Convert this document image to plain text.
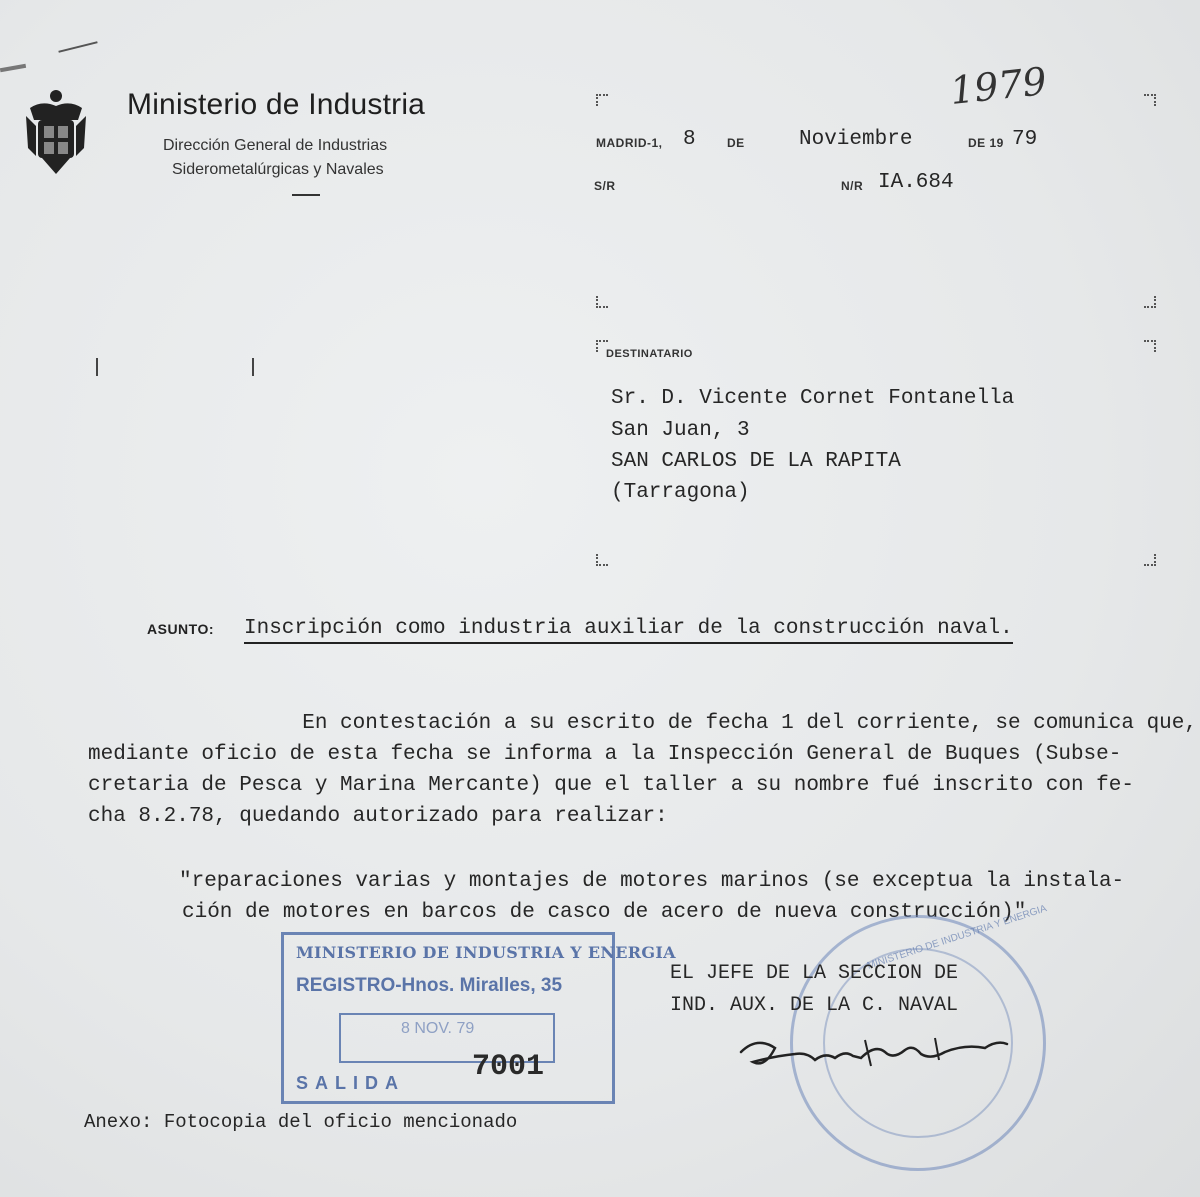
Ministerio de Industria
Dirección General de Industrias
Siderometalúrgicas y Navales
1979
MADRID-1, 8	DE	Noviembre	DE 19 79
S/R	N/R IA.684
DESTINATARIO
Sr. D. Vicente Cornet Fontanella
San Juan, 3
SAN CARLOS DE LA RAPITA
(Tarragona)
ASUNTO: Inscripción como industria auxiliar de la construcción naval.
En contestación a su escrito de fecha 1 del corriente, se comunica que,
mediante oficio de esta fecha se informa a la Inspección General de Buques (Subse-
cretaria de Pesca y Marina Mercante) que el taller a su nombre fué inscrito con fe-
cha 8.2.78, quedando autorizado para realizar:
"reparaciones varias y montajes de motores marinos (se exceptua la instala-
ción de motores en barcos de casco de acero de nueva construcción)"
MINISTERIO DE INDUSTRIA Y ENERGIA
MINISTERIO DE INDUSTRIA Y ENERGIA
REGISTRO-Hnos. Miralles, 35
8 NOV. 79
SALIDA 7001
EL JEFE DE LA SECCION DE
IND. AUX. DE LA C. NAVAL
Anexo: Fotocopia del oficio mencionado
